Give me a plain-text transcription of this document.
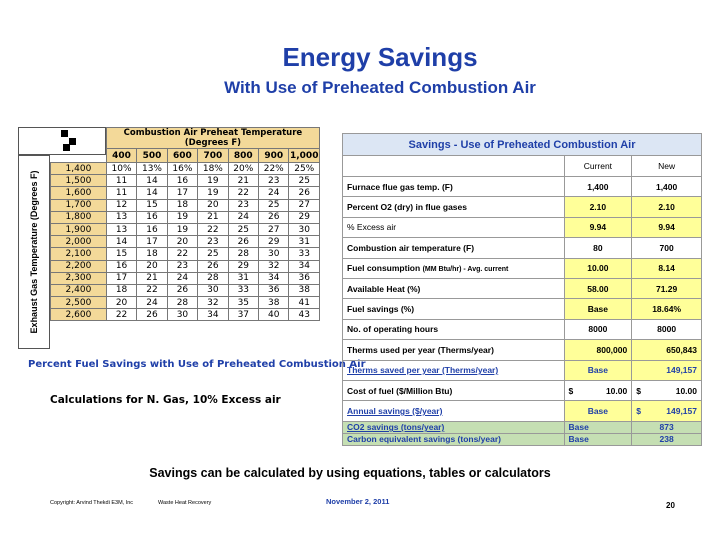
Energy Savings
With Use of Preheated Combustion Air
Exhaust Gas Temperature (Degrees F)
	Combustion Air Preheat Temperature (Degrees F)						
	400	500	600	700	800	900	1,000
1,400	10%	13%	16%	18%	20%	22%	25%
1,500	11	14	16	19	21	23	25
1,600	11	14	17	19	22	24	26
1,700	12	15	18	20	23	25	27
1,800	13	16	19	21	24	26	29
1,900	13	16	19	22	25	27	30
2,000	14	17	20	23	26	29	31
2,100	15	18	22	25	28	30	33
2,200	16	20	23	26	29	32	34
2,300	17	21	24	28	31	34	36
2,400	18	22	26	30	33	36	38
2,500	20	24	28	32	35	38	41
2,600	22	26	30	34	37	40	43
Percent Fuel Savings with Use of Preheated Combustion Air
Calculations for N. Gas, 10% Excess air
Savings - Use of Preheated Combustion Air		
	Current	New
Furnace flue gas temp. (F)	1,400	1,400
Percent O2 (dry) in flue gases	2.10	2.10
% Excess air	9.94	9.94
Combustion air temperature (F)	80	700
Fuel consumption (MM Btu/hr) - Avg. current	10.00	8.14
Available Heat (%)	58.00	71.29
Fuel savings (%)	Base	18.64%
No. of operating hours	8000	8000
Therms used per year (Therms/year)	800,000	650,843
Therms saved per year (Therms/year)	Base	149,157
Cost of fuel ($/Million Btu)	$ 10.00	$ 10.00

Annual savings ($/year)	Base	$ 149,157

CO2 savings (tons/year)	Base	873
Carbon equivalent savings (tons/year)	Base	238
Savings can be calculated by using equations, tables or calculators
Copyright: Arvind Thekdi E3M, Inc	Waste Heat Recovery	November 2, 2011	20
